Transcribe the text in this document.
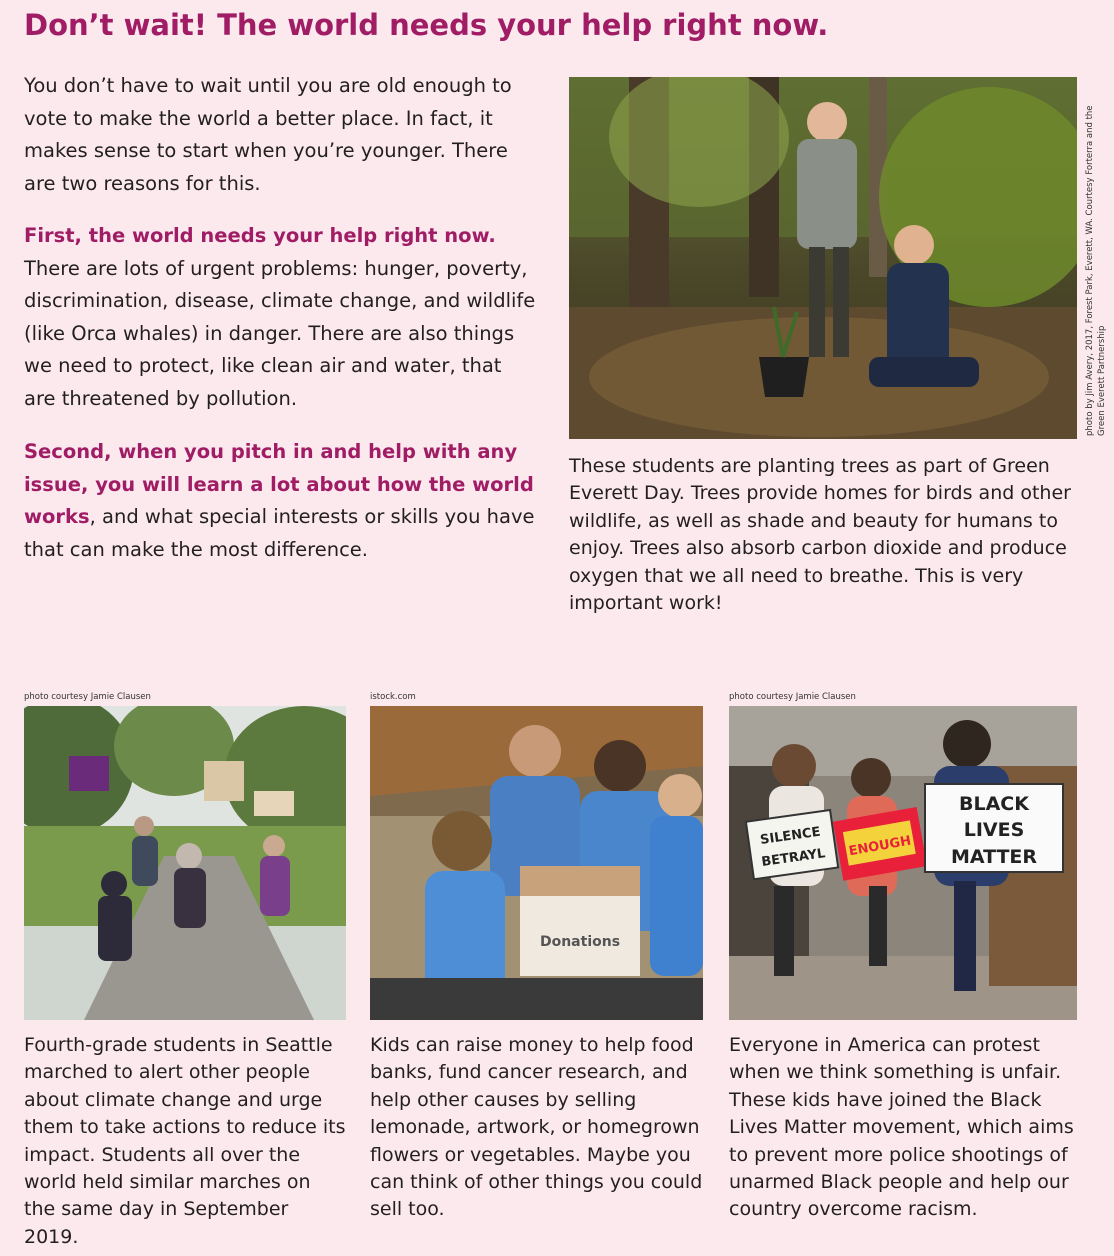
Don’t wait! The world needs your help right now.

You don’t have to wait until you are old enough to vote to make the world a better place. In fact, it makes sense to start when you’re younger. There are two reasons for this.

First, the world needs your help right now. There are lots of urgent problems: hunger, poverty, discrimination, disease, climate change, and wildlife (like Orca whales) in danger. There are also things we need to protect, like clean air and water, that are threatened by pollution.

Second, when you pitch in and help with any issue, you will learn a lot about how the world works, and what special interests or skills you have that can make the most difference.

photo by Jim Avery, 2017, Forest Park, Everett, WA. Courtesy Forterra and the Green Everett Partnership

These students are planting trees as part of Green Everett Day. Trees provide homes for birds and other wildlife, as well as shade and beauty for humans to enjoy. Trees also absorb carbon dioxide and produce oxygen that we all need to breathe. This is very important work!

photo courtesy Jamie Clausen

Fourth-grade students in Seattle marched to alert other people about climate change and urge them to take actions to reduce its impact. Students all over the world held similar marches on the same day in September 2019.

istock.com
Donations

Kids can raise money to help food banks, fund cancer research, and help other causes by selling lemonade, artwork, or homegrown flowers or vegetables. Maybe you can think of other things you could sell too.

photo courtesy Jamie Clausen
SILENCE
BETRAYL ENOUGH
BLACK
LIVES
MATTER

Everyone in America can protest when we think something is unfair. These kids have joined the Black Lives Matter movement, which aims to prevent more police shootings of unarmed Black people and help our country overcome racism.
